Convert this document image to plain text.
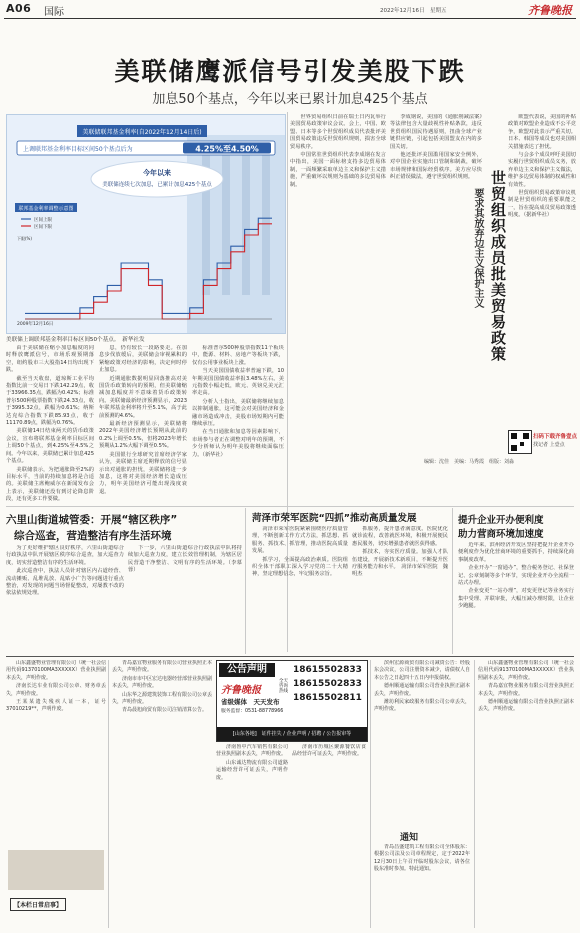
A06 国际	2022年12月16日　星期五	齐鲁晚报
美联储鹰派信号引发美股下跌
加息50个基点，今年以来已累计加息425个基点
美联储联邦基金利率(自2022年12月14日后)
上调联邦基金利率目标区间50个基点后为	4.25%至4.50%
今年以来
美联储连续七次加息，已累计加息425个基点
联邦基金利率调整示意图
区间上限
区间下限
2009年12月16日
下限(%)
美联储上调联邦基金利率目标区间50个基点。　新华社发

由于美联储在缩小加息幅度的同时释放鹰派信号，市场乐观预期落空，纽约股市三大股指14日均出现下跌。

截至当天收盘，道琼斯工业平均指数比前一交易日下跌142.29点，收于33966.35点，跌幅为0.42%；标准普尔500种股票指数下跌24.33点，收于3995.32点，跌幅为0.61%；纳斯达克综合指数下跌85.93点，收于11170.89点，跌幅为0.76%。

美联储14日结束两天的货币政策会议，宣布将联邦基金利率目标区间上调50个基点，到4.25%至4.5%之间。今年以来，美联储已累计加息425个基点。

美联储表示，为把通胀降至2%的目标水平，当前的持续加息将是合适的。美联储主席鲍威尔在新闻发布会上表示，美联储还没有到讨论降息阶段，还有更多工作要做。

息，仍有较长一段路要走。在加息步伐放缓后，美联储会审视累积的紧缩政策对经济的影响，决定何时停止加息。

近期通胀数据明显回落推高对美国货币政策转向的预期，但美联储缩减加息幅度并不意味着货币政策转向。美联储最新经济预测显示，2023年联邦基金利率将升至5.1%，高于此前预测的4.6%。

最新经济预测显示，美联储将2022年美国经济增长预期从此前的0.2%上调至0.5%，但将2023年增长预期从1.2%大幅下调至0.5%。

美国银行全球研究首席经济学家认为，美联储主席近期释放的信号显示出对通胀的担忧，美联储将进一步加息，这将对美国经济增长造成压力，明年美国经济可能出现浅度衰退。

标准普尔500种股票指数11个板块中，能源、材料、房地产等板块下跌，仅有公用事业板块上涨。

当天美国国债收益率普遍下跌，10年期美国国债收益率报3.48%左右。美元指数小幅走低，欧元、英镑兑美元汇率走高。

分析人士指出，美联储将继续加息以抑制通胀，这可能会对美国经济和金融市场造成冲击，美股市场短期内可能继续承压。

在当日通胀和加息等因素影响下，市场参与者正在调整对明年的预期，不少分析师认为明年美股将继续面临压力。（新华社）

世界贸易组织日前在瑞士日内瓦举行美国贸易政策审议会议。会上，中国、欧盟、日本等多个世贸组织成员代表批评美国贸易政策违反世贸组织规则，损害全球贸易秩序。

中国常驻世贸组织代表李成钢在发言中指出，美国一面标榜支持多边贸易体制，一面频繁采取单边主义和保护主义措施，严重破坏以规则为基础的多边贸易体制。

李成钢说，美国的《通胀削减法案》等法律包含大量歧视性补贴条款，违反世贸组织国民待遇原则，扭曲全球产业链供应链，引起包括美国盟友在内的多国关切。

他还批评美国滥用国家安全例外，对中国企业实施出口管制和制裁，破坏市场规律和国际经贸秩序。美方应尽快纠正错误做法，遵守世贸组织规则。	世贸组织成员批美贸易政策
要求其放弃边主义保护主义

欧盟代表说，美国的补贴政策对欧盟企业造成不公平竞争，欧盟对此表示严重关切。日本、韩国等成员也对美国相关措施表达了担忧。

与会多个成员呼吁美国切实履行世贸组织成员义务，放弃单边主义和保护主义做法，维护多边贸易体制的权威性和有效性。

世贸组织贸易政策审议机制是世贸组织的重要职能之一，旨在提高成员贸易政策透明度。（据新华社）

扫码下载齐鲁壹点
找记者 上壹点
编辑：沈佳　美编：马秀霞　组版：刘淼
六里山街道城管委：开展“辖区秩序”
综合巡查，营造整洁有序生活环境

为了更好维护辖区良好秩序，六里山街道综合行政执法中队开展辖区秩序综合巡查，加大巡查力度，切实营造整洁有序的生活环境。

此次巡查中，执法人员针对辖区内占道经营、流动摊贩、乱堆乱放、乱贴小广告等问题进行重点整治，对发现的问题当场督促整改，对屡教不改的依法依规处理。

下一步，六里山街道综合行政执法中队将持续加大巡查力度，建立长效管理机制，为辖区居民营造干净整洁、文明有序的生活环境。（李慕蓉）

菏泽市荣军医院“四抓”推动高质量发展

菏泽市荣军医院紧紧围绕医疗质量管理，不断创新工作方式方法，抓思想、抓服务、抓技术、抓管理，推动医院高质量发展。

抓学习，全面提高政治素质。医院组织全体干部职工深入学习党的二十大精神，坚定理想信念，牢记服务宗旨。

抓服务，提升患者满意度。医院优化就诊流程，改善就医环境，积极开展便民惠民服务，切实增强患者就医获得感。

抓技术，夯实医疗质量。加强人才队伍建设，开展新技术新项目，不断提升医疗服务能力和水平。　菏泽市荣军医院　魏明杰

提升企业开办便利度
助力营商环境加速度

近年来，滨州经济开发区坚持把提升企业开办便利度作为优化营商环境的重要抓手，持续深化商事制度改革。

企业开办“一窗通办”，整合税务登记、社保登记、公章刻制等多个环节，实现企业开办全流程一站式办理。

企业变更“一站办理”，对变更登记等业务实行集中受理、并联审批，大幅压减办理时限，让企业少跑腿。

山东鑫盛物业管理有限公司（统一社会信用代码91370100MA3XXXXX）营业执照副本丢失，声明作废。

济南长达车业有限公司公章、财务章丢失，声明作废。

王某某遗失残疾人证一本，证号37010219**，声明作废。

【本栏日常启事】

青岛嘉宜物业服务有限公司营业执照正本丢失，声明作废。

济南市市中区宏达电器经营部营业执照副本丢失，声明作废。

山东华之源建筑装饰工程有限公司公章丢失，声明作废。

青岛晨旭商贸有限公司注销清算公告。

公告声明
齐鲁晚报
省级媒体　天天发布
服务监督：0531-88778966
全天咨询热线
18615502833
18615502833
18615502811
[山东各地]　证件挂失 / 企业声明 / 招聘 / 公告报审等

济南鲁中汽车销售有限公司营业执照副本丢失，声明作废。

山东诚达物流有限公司道路运输经营许可证丢失，声明作废。

济南市历城区聚源餐饮店食品经营许可证丢失，声明作废。

滨州宏源商贸有限公司减资公告：经股东会决议，公司注册资本减少，请债权人自本公告之日起四十五日内申报债权。

德州顺通运输有限公司营业执照正副本丢失，声明作废。

潍坊利民家政服务有限公司公章丢失，声明作废。

通知

青岛昌盛建筑工程有限公司全体股东：根据公司法及公司章程规定，定于2022年12月30日上午召开临时股东会议，请各位股东准时参加。特此通知。

山东鑫盛物业管理有限公司（统一社会信用代码91370100MA3XXXXX）营业执照副本丢失，声明作废。

青岛嘉宜物业服务有限公司营业执照正本丢失，声明作废。

德州顺通运输有限公司营业执照正副本丢失，声明作废。
